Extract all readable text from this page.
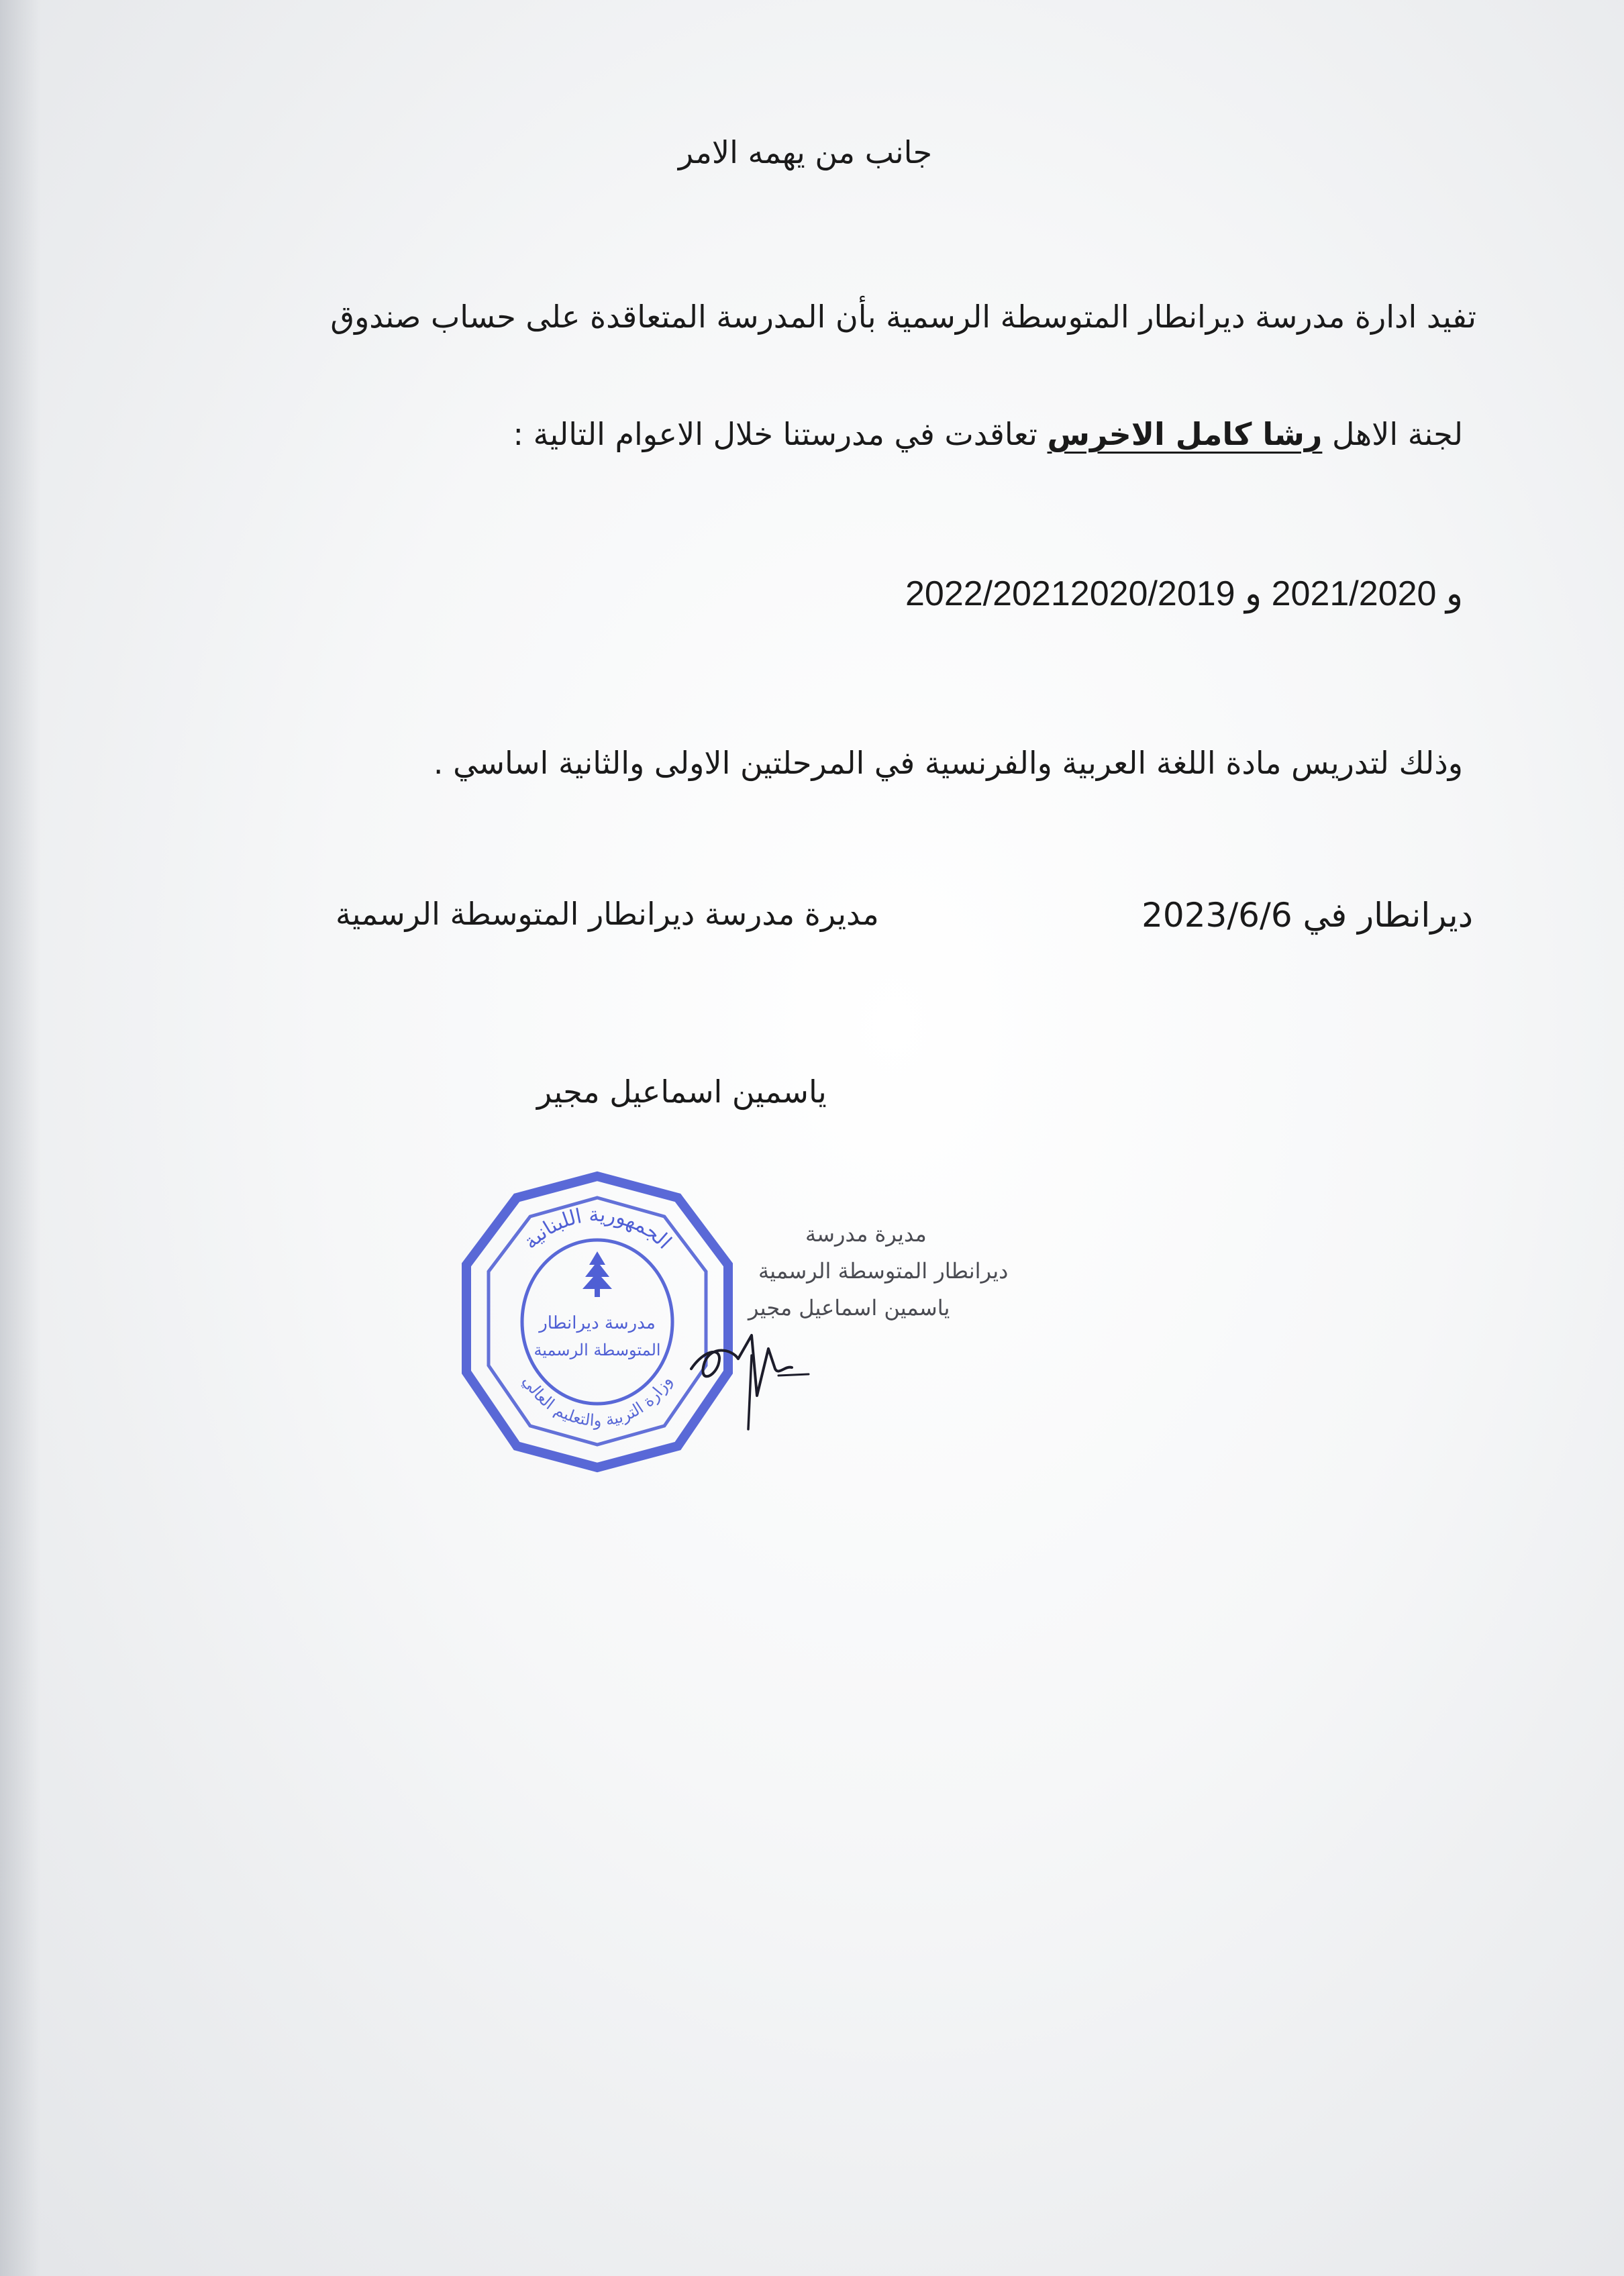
جانب من يهمه الامر
تفيد ادارة مدرسة ديرانطار المتوسطة الرسمية بأن المدرسة المتعاقدة على حساب صندوق
لجنة الاهل رشا كامل الاخرس تعاقدت في مدرستنا خلال الاعوام التالية :
2022/2021و 2021/2020 و 2020/2019
وذلك لتدريس مادة اللغة العربية والفرنسية في المرحلتين الاولى والثانية اساسي .
ديرانطار في 2023/6/6
مديرة مدرسة ديرانطار المتوسطة الرسمية
ياسمين اسماعيل مجير
مديرة مدرسة
ديرانطار المتوسطة الرسمية
ياسمين اسماعيل مجير
الجمهورية اللبنانية
وزارة التربية والتعليم العالي
مدرسة ديرانطار
المتوسطة الرسمية
